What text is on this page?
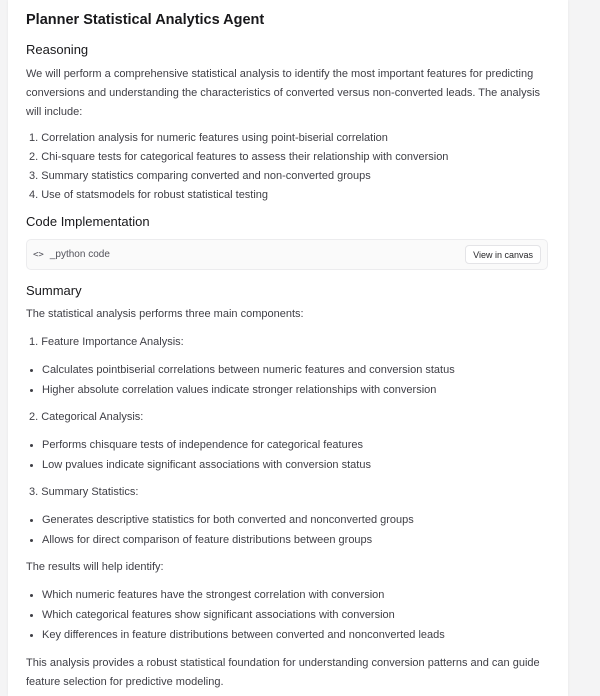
Planner Statistical Analytics Agent
Reasoning

We will perform a comprehensive statistical analysis to identify the most important features for predicting conversions and understanding the characteristics of converted versus non-converted leads. The analysis will include:

1. Correlation analysis for numeric features using point-biserial correlation
2. Chi-square tests for categorical features to assess their relationship with conversion
3. Summary statistics comparing converted and non-converted groups
4. Use of statsmodels for robust statistical testing
Code Implementation
<> _python code	View in canvas
Summary

The statistical analysis performs three main components:

1. Feature Importance Analysis:
Calculates pointbiserial correlations between numeric features and conversion status
Higher absolute correlation values indicate stronger relationships with conversion
2. Categorical Analysis:
Performs chisquare tests of independence for categorical features
Low pvalues indicate significant associations with conversion status
3. Summary Statistics:
Generates descriptive statistics for both converted and nonconverted groups
Allows for direct comparison of feature distributions between groups

The results will help identify:

Which numeric features have the strongest correlation with conversion
Which categorical features show significant associations with conversion
Key differences in feature distributions between converted and nonconverted leads

This analysis provides a robust statistical foundation for understanding conversion patterns and can guide feature selection for predictive modeling.
